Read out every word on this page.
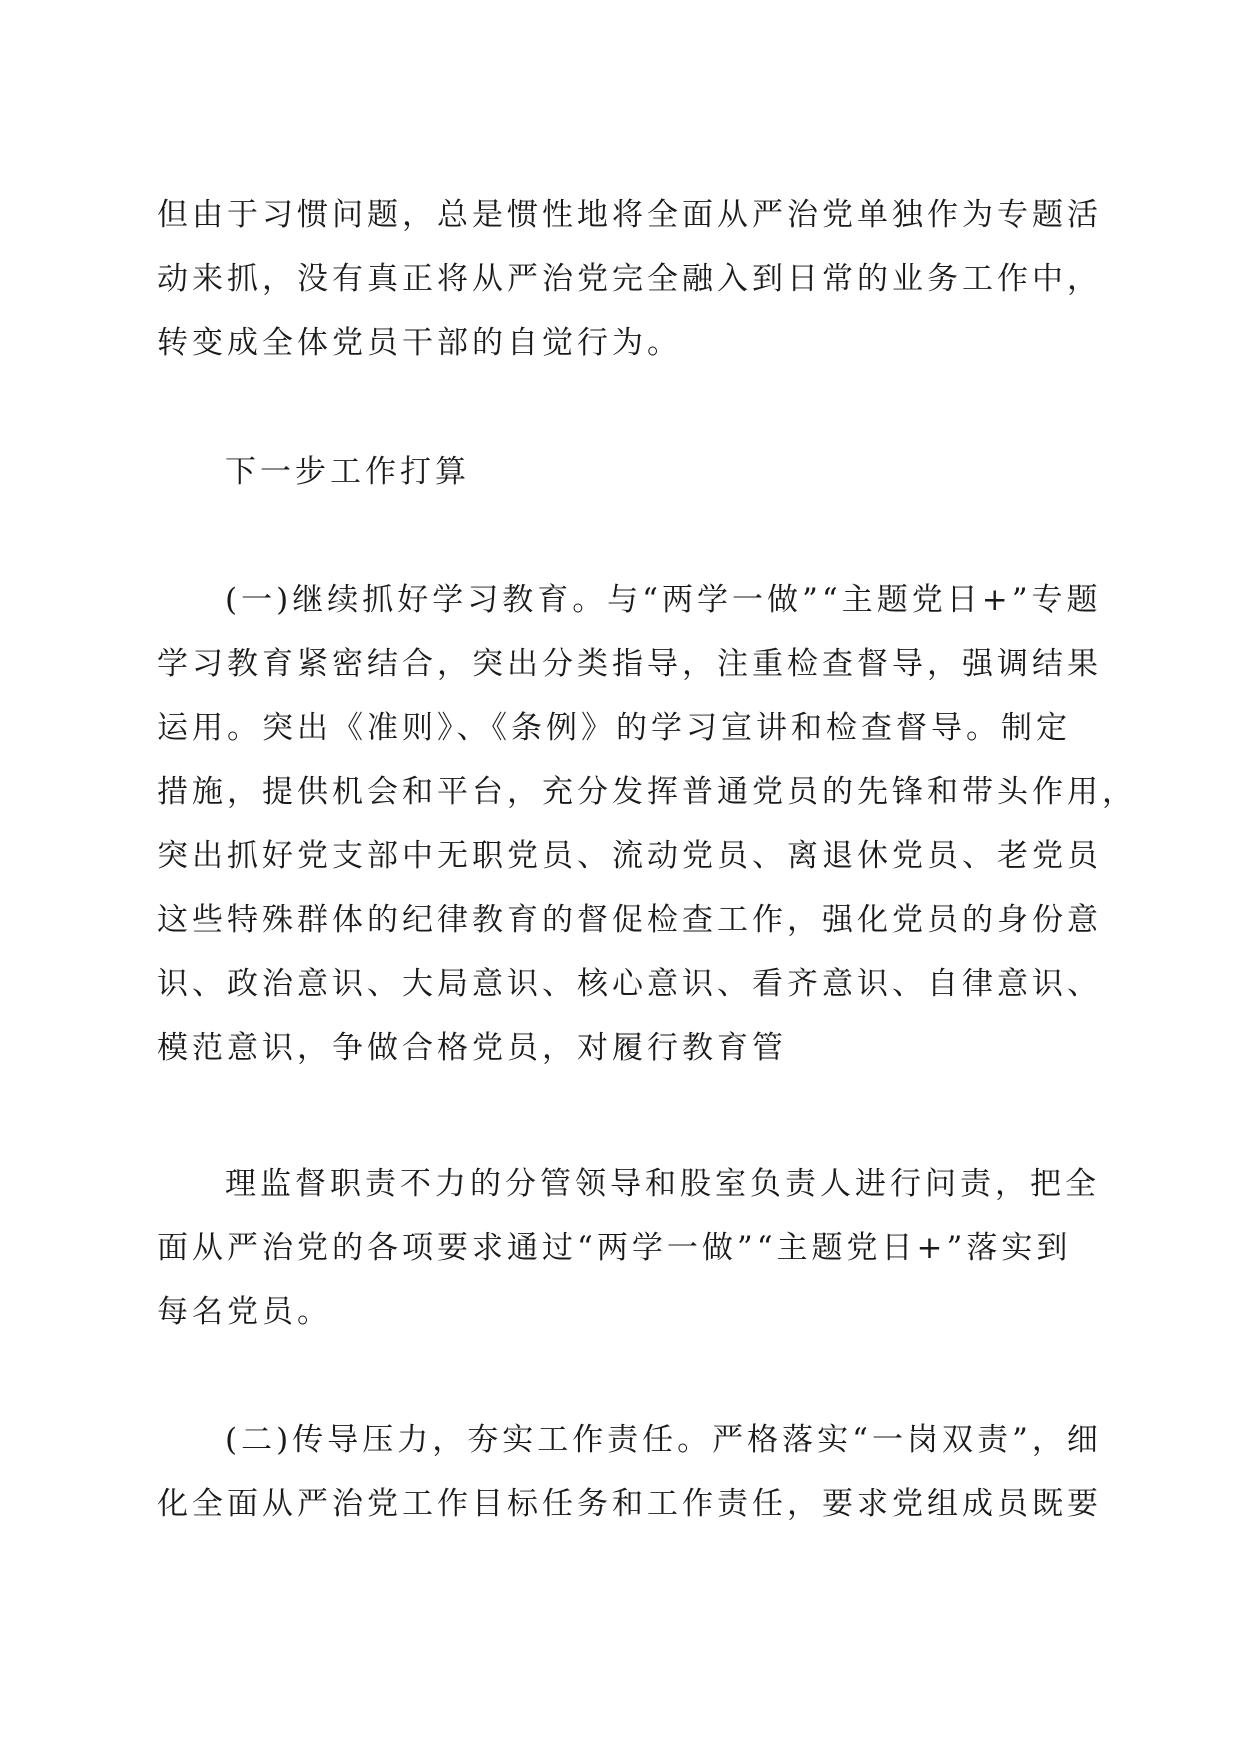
但由于习惯问题，总是惯性地将全面从严治党单独作为专题活
动来抓，没有真正将从严治党完全融入到日常的业务工作中，
转变成全体党员干部的自觉行为。
下一步工作打算
(一)继续抓好学习教育。与“两学一做”“主题党日+”专题
学习教育紧密结合，突出分类指导，注重检查督导，强调结果
运用。突出《准则》、《条例》的学习宣讲和检查督导。制定
措施，提供机会和平台，充分发挥普通党员的先锋和带头作用，
突出抓好党支部中无职党员、流动党员、离退休党员、老党员
这些特殊群体的纪律教育的督促检查工作，强化党员的身份意
识、政治意识、大局意识、核心意识、看齐意识、自律意识、
模范意识，争做合格党员，对履行教育管
理监督职责不力的分管领导和股室负责人进行问责，把全
面从严治党的各项要求通过“两学一做”“主题党日+”落实到
每名党员。
(二)传导压力，夯实工作责任。严格落实“一岗双责”，细
化全面从严治党工作目标任务和工作责任，要求党组成员既要
